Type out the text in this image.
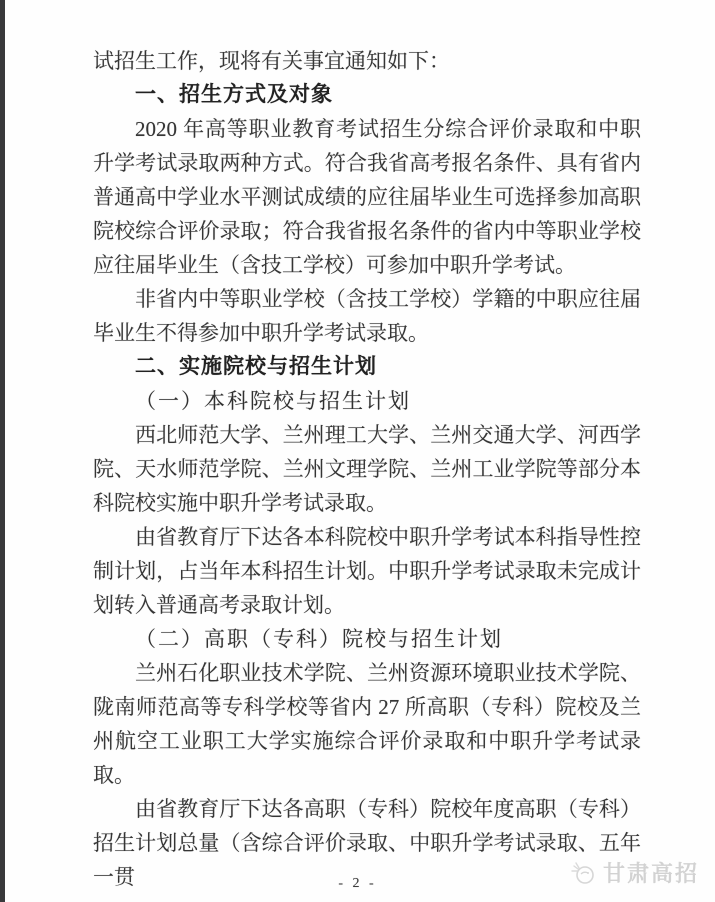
试招生工作，现将有关事宜通知如下：

一、招生方式及对象

2020 年高等职业教育考试招生分综合评价录取和中职升学考试录取两种方式。符合我省高考报名条件、具有省内普通高中学业水平测试成绩的应往届毕业生可选择参加高职院校综合评价录取；符合我省报名条件的省内中等职业学校应往届毕业生（含技工学校）可参加中职升学考试。

非省内中等职业学校（含技工学校）学籍的中职应往届毕业生不得参加中职升学考试录取。

二、实施院校与招生计划

（一）本科院校与招生计划

西北师范大学、兰州理工大学、兰州交通大学、河西学院、天水师范学院、兰州文理学院、兰州工业学院等部分本科院校实施中职升学考试录取。

由省教育厅下达各本科院校中职升学考试本科指导性控制计划，占当年本科招生计划。中职升学考试录取未完成计划转入普通高考录取计划。

（二）高职（专科）院校与招生计划

兰州石化职业技术学院、兰州资源环境职业技术学院、陇南师范高等专科学校等省内 27 所高职（专科）院校及兰州航空工业职工大学实施综合评价录取和中职升学考试录取。

由省教育厅下达各高职（专科）院校年度高职（专科）招生计划总量（含综合评价录取、中职升学考试录取、五年一贯	- 2 -	甘肃高招
